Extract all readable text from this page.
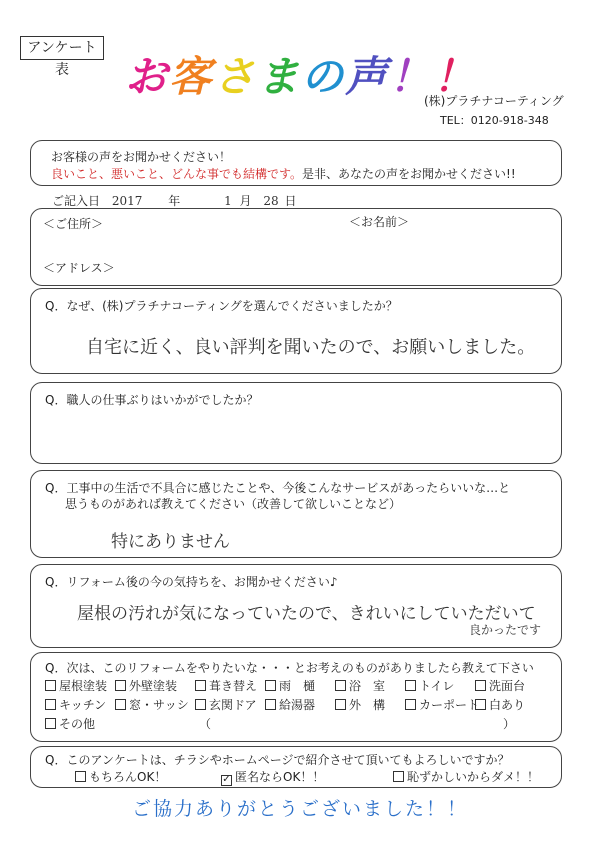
アンケート表	お客さまの声！！
(株)プラチナコーティング
TEL：0120-918-348
お客様の声をお聞かせください！
良いこと、悪いこと、どんな事でも結構です。是非、あなたの声をお聞かせください!!
ご記入日 2017 年	1 月 28 日
＜ご住所＞	＜お名前＞
＜アドレス＞
Q．なぜ、(株)プラチナコーティングを選んでくださいましたか？
自宅に近く、良い評判を聞いたので、お願いしました。
Q．職人の仕事ぶりはいかがでしたか？
Q．工事中の生活で不具合に感じたことや、今後こんなサービスがあったらいいな…と
思うものがあれば教えてください（改善して欲しいことなど）
特にありません
Q．リフォーム後の今の気持ちを、お聞かせください♪
屋根の汚れが気になっていたので、きれいにしていただいて
良かったです
Q．次は、このリフォームをやりたいな・・・とお考えのものがありましたら教えて下さい
屋根塗装	外壁塗装	葺き替え	雨　樋	浴　室	トイレ	洗面台
キッチン	窓・サッシ	玄関ドア	給湯器	外　構	カーポート 白あり
その他	（	）
Q．このアンケートは、チラシやホームページで紹介させて頂いてもよろしいですか？
もちろんOK！	✓ 匿名ならOK！！	恥ずかしいからダメ！！
ご協力ありがとうございました！！
